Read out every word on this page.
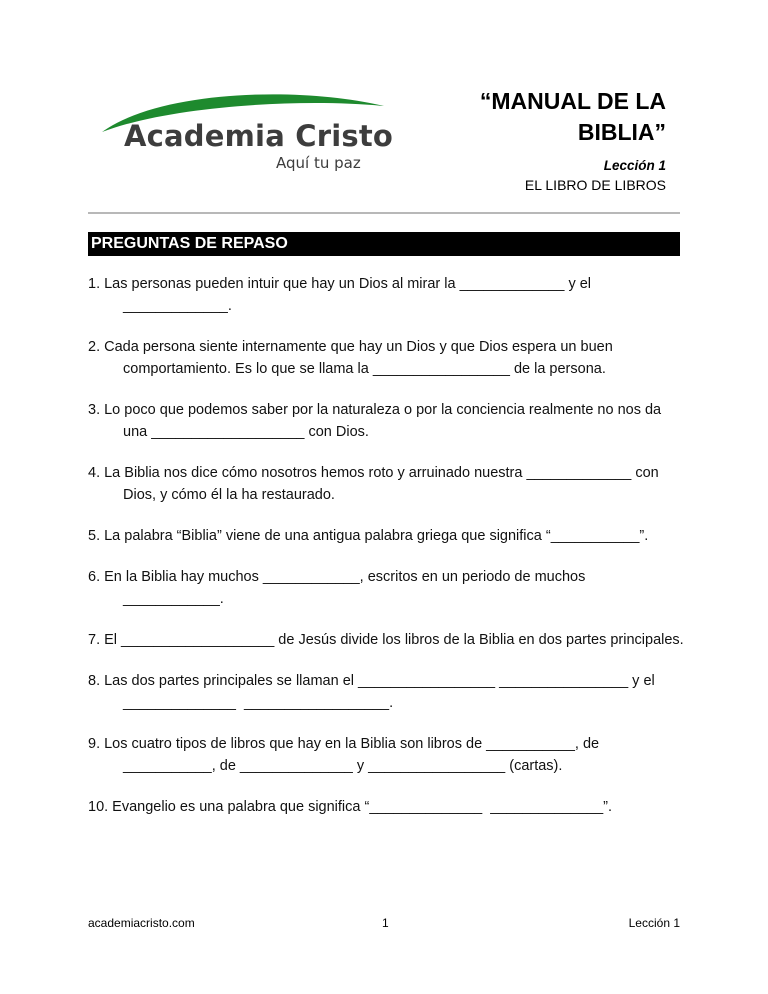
Academia Cristo
Aquí tu paz
“MANUAL DE LA
BIBLIA”
Lección 1
EL LIBRO DE LIBROS
PREGUNTAS DE REPASO
1. Las personas pueden intuir que hay un Dios al mirar la _____________ y el _____________.
2. Cada persona siente internamente que hay un Dios y que Dios espera un buen comportamiento. Es lo que se llama la _________________ de la persona.
3. Lo poco que podemos saber por la naturaleza o por la conciencia realmente no nos da una ___________________ con Dios.
4. La Biblia nos dice cómo nosotros hemos roto y arruinado nuestra _____________ con Dios, y cómo él la ha restaurado.
5. La palabra “Biblia” viene de una antigua palabra griega que significa “___________”.
6. En la Biblia hay muchos ____________, escritos en un periodo de muchos ____________.
7. El ___________________ de Jesús divide los libros de la Biblia en dos partes principales.
8. Las dos partes principales se llaman el _________________ ________________ y el ______________  __________________.
9. Los cuatro tipos de libros que hay en la Biblia son libros de ___________, de ___________, de ______________ y _________________ (cartas).
10. Evangelio es una palabra que significa “______________  ______________”.
academiacristo.com	1	Lección 1
